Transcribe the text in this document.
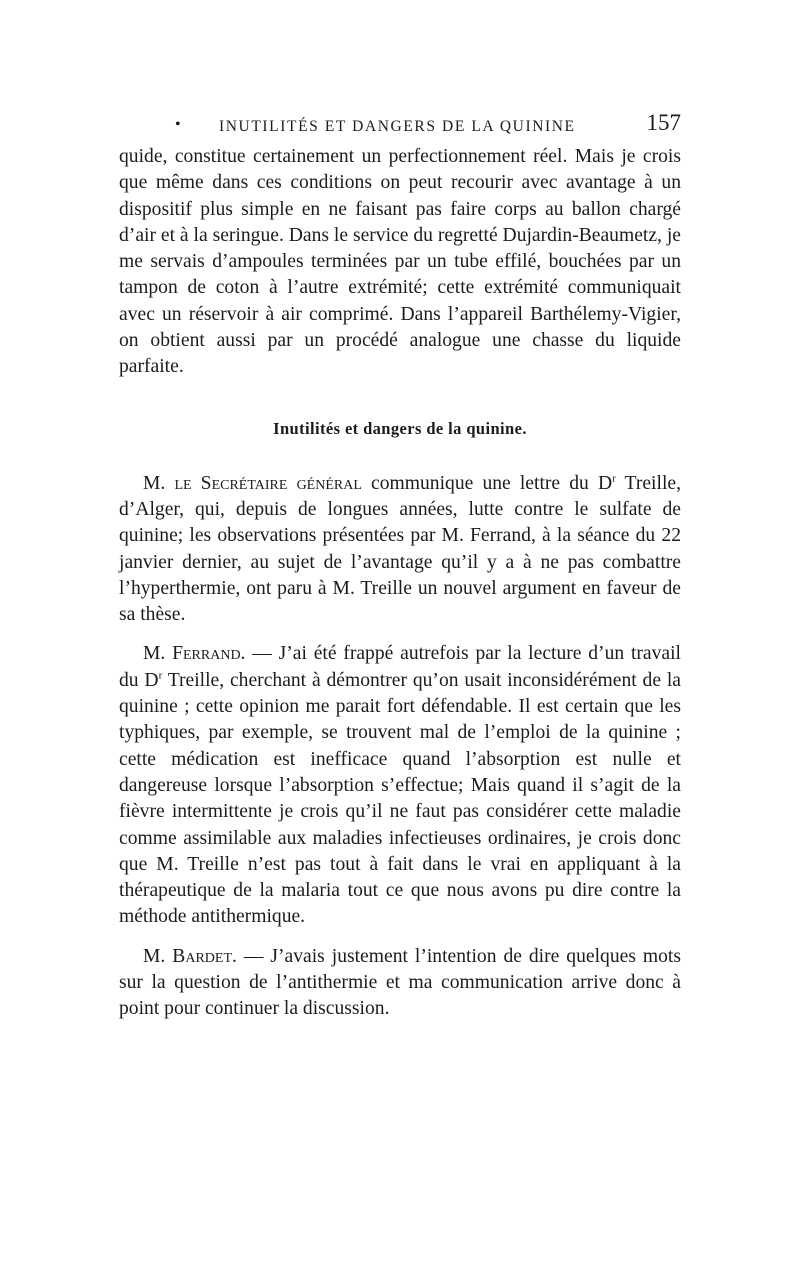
• INUTILITÉS ET DANGERS DE LA QUININE	157

quide, constitue certainement un perfectionnement réel. Mais je crois que même dans ces conditions on peut recourir avec avantage à un dispositif plus simple en ne faisant pas faire corps au ballon chargé d’air et à la seringue. Dans le service du regretté Dujardin-Beaumetz, je me servais d’ampoules terminées par un tube effilé, bouchées par un tampon de coton à l’autre extrémité; cette extrémité communiquait avec un réservoir à air comprimé. Dans l’appareil Barthélemy-Vigier, on obtient aussi par un procédé analogue une chasse du liquide parfaite.

Inutilités et dangers de la quinine.

M. le Secrétaire général communique une lettre du $D^r$ Treille, d’Alger, qui, depuis de longues années, lutte contre le sulfate de quinine; les observations présentées par M. Ferrand, à la séance du 22 janvier dernier, au sujet de l’avantage qu’il y a à ne pas combattre l’hyperthermie, ont paru à M. Treille un nouvel argument en faveur de sa thèse.

M. Ferrand. — J’ai été frappé autrefois par la lecture d’un travail du $D^r$ Treille, cherchant à démontrer qu’on usait inconsidérément de la quinine ; cette opinion me parait fort défendable. Il est certain que les typhiques, par exemple, se trouvent mal de l’emploi de la quinine ; cette médication est inefficace quand l’absorption est nulle et dangereuse lorsque l’absorption s’effectue; Mais quand il s’agit de la fièvre intermittente je crois qu’il ne faut pas considérer cette maladie comme assimilable aux maladies infectieuses ordinaires, je crois donc que M. Treille n’est pas tout à fait dans le vrai en appliquant à la thérapeutique de la malaria tout ce que nous avons pu dire contre la méthode antithermique.

M. Bardet. — J’avais justement l’intention de dire quelques mots sur la question de l’antithermie et ma communication arrive donc à point pour continuer la discussion.
